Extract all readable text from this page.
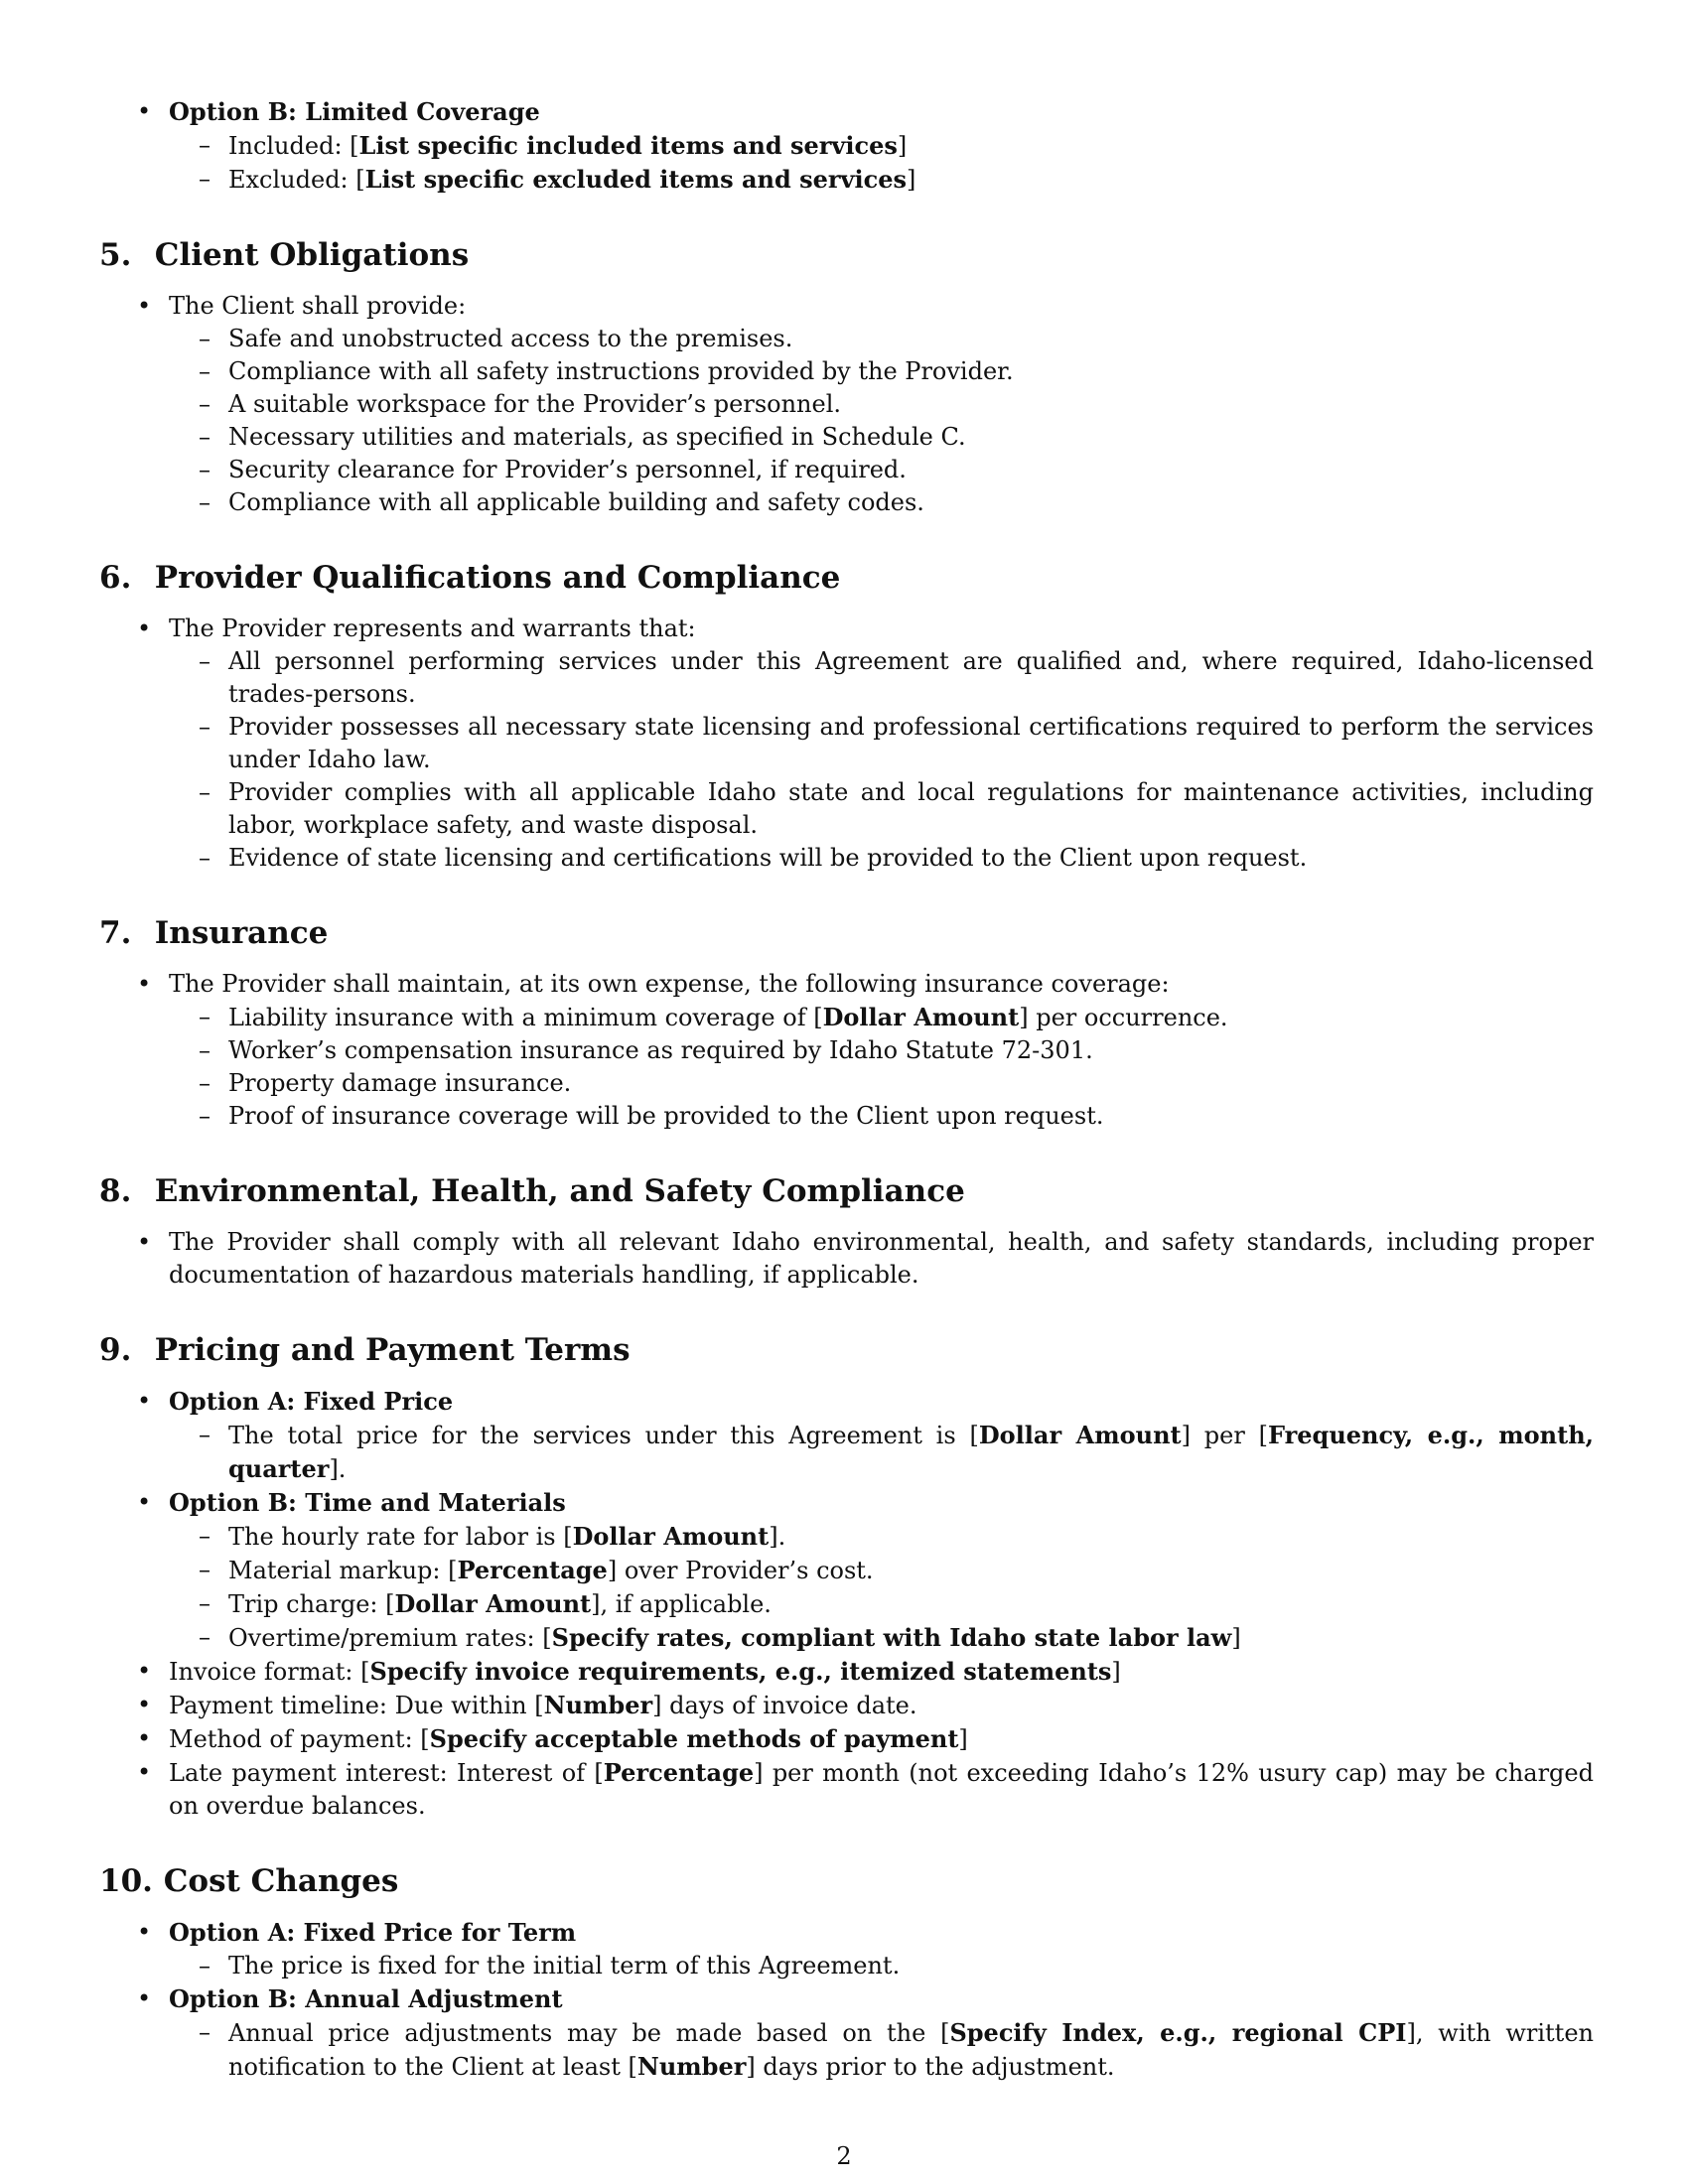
• Option B: Limited Coverage
– Included: [List specific included items and services]
– Excluded: [List specific excluded items and services]
5. Client Obligations
• The Client shall provide:
– Safe and unobstructed access to the premises.
– Compliance with all safety instructions provided by the Provider.
– A suitable workspace for the Provider’s personnel.
– Necessary utilities and materials, as specified in Schedule C.
– Security clearance for Provider’s personnel, if required.
– Compliance with all applicable building and safety codes.
6. Provider Qualifications and Compliance
• The Provider represents and warrants that:
– All personnel performing services under this Agreement are qualified and, where required, Idaho-licensed trades-persons.
– Provider possesses all necessary state licensing and professional certifications required to perform the services under Idaho law.
– Provider complies with all applicable Idaho state and local regulations for maintenance activities, including labor, workplace safety, and waste disposal.
– Evidence of state licensing and certifications will be provided to the Client upon request.
7. Insurance
• The Provider shall maintain, at its own expense, the following insurance coverage:
– Liability insurance with a minimum coverage of [Dollar Amount] per occurrence.
– Worker’s compensation insurance as required by Idaho Statute 72-301.
– Property damage insurance.
– Proof of insurance coverage will be provided to the Client upon request.
8. Environmental, Health, and Safety Compliance
• The Provider shall comply with all relevant Idaho environmental, health, and safety standards, including proper documentation of hazardous materials handling, if applicable.
9. Pricing and Payment Terms
• Option A: Fixed Price
– The total price for the services under this Agreement is [Dollar Amount] per [Frequency, e.g., month, quarter].
• Option B: Time and Materials
– The hourly rate for labor is [Dollar Amount].
– Material markup: [Percentage] over Provider’s cost.
– Trip charge: [Dollar Amount], if applicable.
– Overtime/premium rates: [Specify rates, compliant with Idaho state labor law]
• Invoice format: [Specify invoice requirements, e.g., itemized statements]
• Payment timeline: Due within [Number] days of invoice date.
• Method of payment: [Specify acceptable methods of payment]
• Late payment interest: Interest of [Percentage] per month (not exceeding Idaho’s 12% usury cap) may be charged on overdue balances.
10. Cost Changes
• Option A: Fixed Price for Term
– The price is fixed for the initial term of this Agreement.
• Option B: Annual Adjustment
– Annual price adjustments may be made based on the [Specify Index, e.g., regional CPI], with written notification to the Client at least [Number] days prior to the adjustment.
2
